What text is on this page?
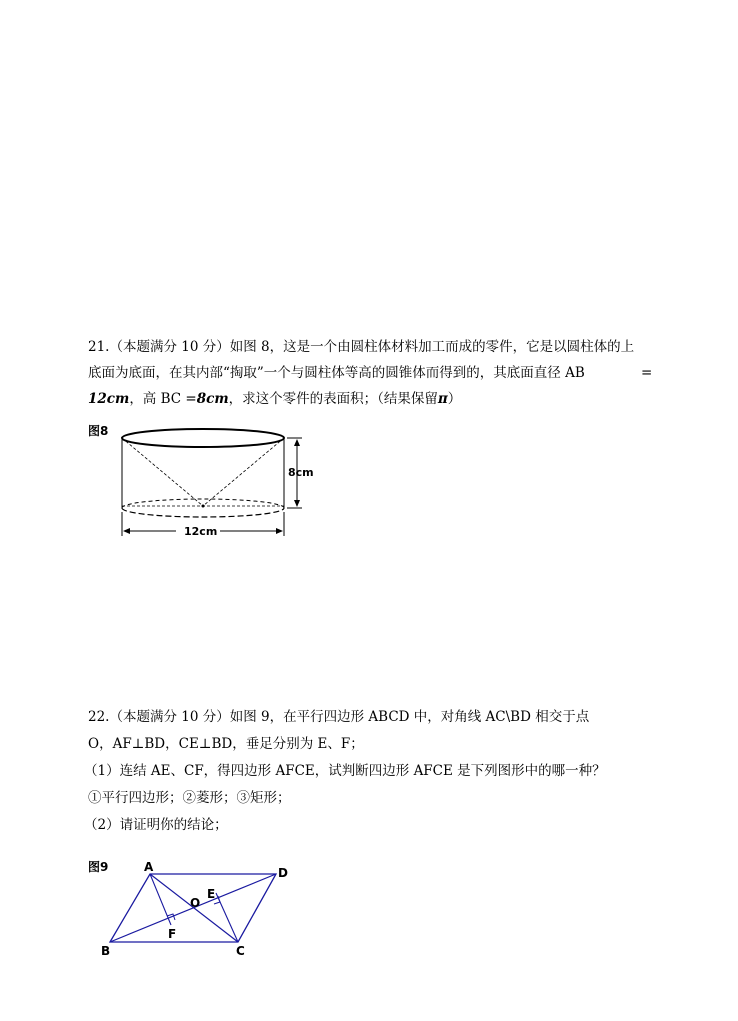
21.（本题满分 10 分）如图 8，这是一个由圆柱体材料加工而成的零件，它是以圆柱体的上
底面为底面，在其内部“掏取”一个与圆柱体等高的圆锥体而得到的，其底面直径 AB	=
12cm，高 BC =8cm，求这个零件的表面积；（结果保留π）
图8
8cm
12cm
22.（本题满分 10 分）如图 9，在平行四边形 ABCD 中，对角线 AC\BD 相交于点
O，AF⊥BD，CE⊥BD，垂足分别为 E、F；
（1）连结 AE、CF，得四边形 AFCE，试判断四边形 AFCE 是下列图形中的哪一种？
①平行四边形；②菱形；③矩形；
（2）请证明你的结论；
图9	A	D
C
B
E
F
O
